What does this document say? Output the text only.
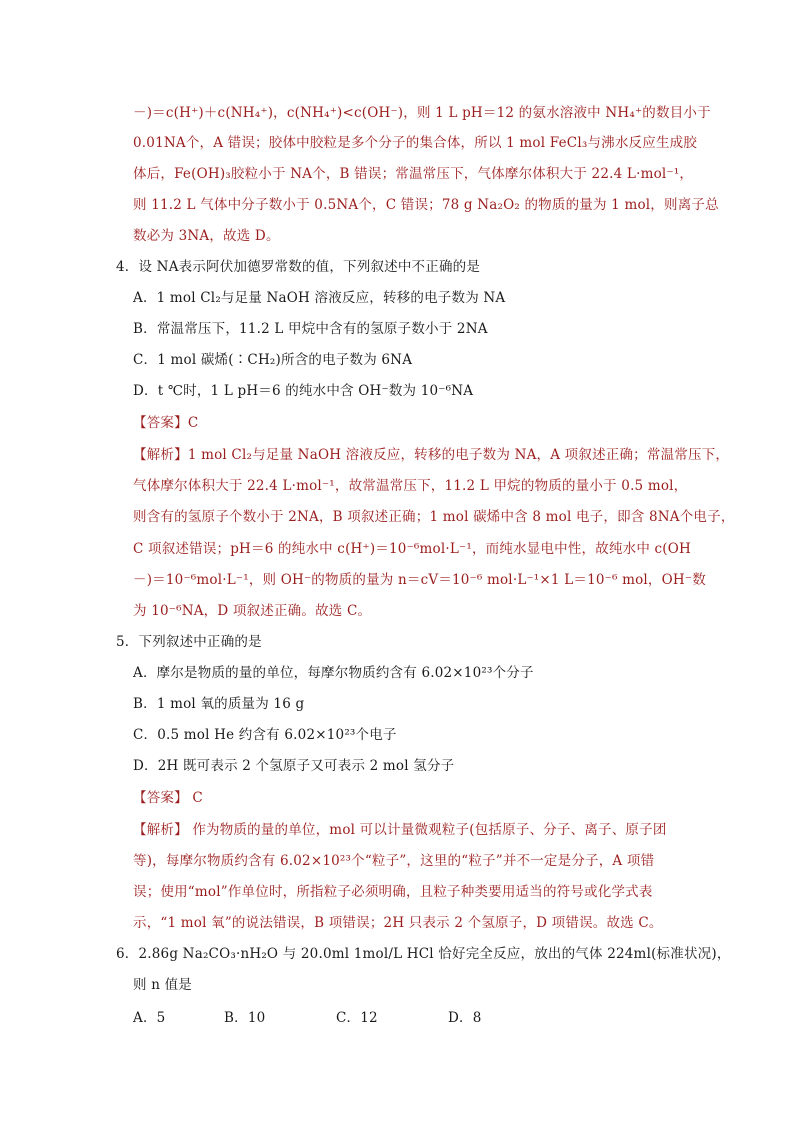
－)＝c(H⁺)＋c(NH₄⁺)，c(NH₄⁺)<c(OH⁻)，则 1 L pH＝12 的氨水溶液中 NH₄⁺的数目小于
0.01NA个，A 错误；胶体中胶粒是多个分子的集合体，所以 1 mol FeCl₃与沸水反应生成胶
体后，Fe(OH)₃胶粒小于 NA个，B 错误；常温常压下，气体摩尔体积大于 22.4 L·mol⁻¹，
则 11.2 L 气体中分子数小于 0.5NA个，C 错误；78 g Na₂O₂ 的物质的量为 1 mol，则离子总
数必为 3NA，故选 D。
4．设 NA表示阿伏加德罗常数的值，下列叙述中不正确的是
A．1 mol Cl₂与足量 NaOH 溶液反应，转移的电子数为 NA
B．常温常压下，11.2 L 甲烷中含有的氢原子数小于 2NA
C．1 mol 碳烯(∶CH₂)所含的电子数为 6NA
D．t ℃时，1 L pH＝6 的纯水中含 OH⁻数为 10⁻⁶NA
【答案】C
【解析】1 mol Cl₂与足量 NaOH 溶液反应，转移的电子数为 NA，A 项叙述正确；常温常压下，
气体摩尔体积大于 22.4 L·mol⁻¹，故常温常压下，11.2 L 甲烷的物质的量小于 0.5 mol，
则含有的氢原子个数小于 2NA，B 项叙述正确；1 mol 碳烯中含 8 mol 电子，即含 8NA个电子，
C 项叙述错误；pH＝6 的纯水中 c(H⁺)＝10⁻⁶mol·L⁻¹，而纯水显电中性，故纯水中 c(OH
－)＝10⁻⁶mol·L⁻¹，则 OH⁻的物质的量为 n＝cV＝10⁻⁶ mol·L⁻¹×1 L＝10⁻⁶ mol，OH⁻数
为 10⁻⁶NA，D 项叙述正确。故选 C。
5．下列叙述中正确的是
A．摩尔是物质的量的单位，每摩尔物质约含有 6.02×10²³个分子
B．1 mol 氧的质量为 16 g
C．0.5 mol He 约含有 6.02×10²³个电子
D．2H 既可表示 2 个氢原子又可表示 2 mol 氢分子
【答案】 C
【解析】 作为物质的量的单位，mol 可以计量微观粒子(包括原子、分子、离子、原子团
等)，每摩尔物质约含有 6.02×10²³个“粒子”，这里的“粒子”并不一定是分子，A 项错
误；使用“mol”作单位时，所指粒子必须明确，且粒子种类要用适当的符号或化学式表
示，“1 mol 氧”的说法错误，B 项错误；2H 只表示 2 个氢原子，D 项错误。故选 C。
6．2.86g Na₂CO₃·nH₂O 与 20.0ml 1mol/L HCl 恰好完全反应，放出的气体 224ml(标准状况)，
则 n 值是
A．5	B．10	C．12	D．8
